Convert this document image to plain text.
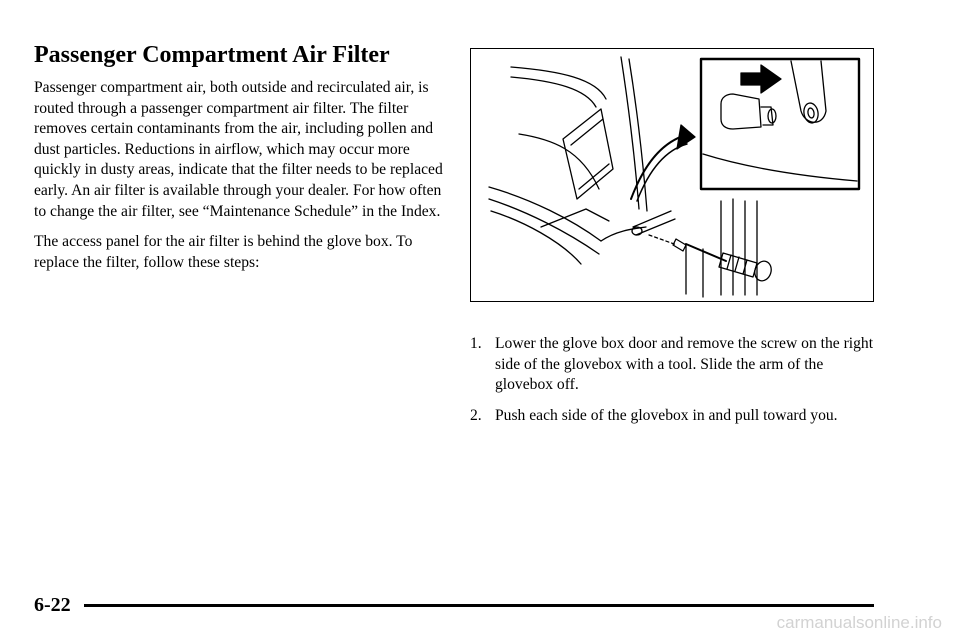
Passenger Compartment Air Filter

Passenger compartment air, both outside and recirculated air, is routed through a passenger compartment air filter. The filter removes certain contaminants from the air, including pollen and dust particles. Reductions in airflow, which may occur more quickly in dusty areas, indicate that the filter needs to be replaced early. An air filter is available through your dealer. For how often to change the air filter, see “Maintenance Schedule” in the Index.

The access panel for the air filter is behind the glove box. To replace the filter, follow these steps:

1. Lower the glove box door and remove the screw on the right side of the glovebox with a tool. Slide the arm of the glovebox off.
2. Push each side of the glovebox in and pull toward you.
6-22
carmanualsonline.info
